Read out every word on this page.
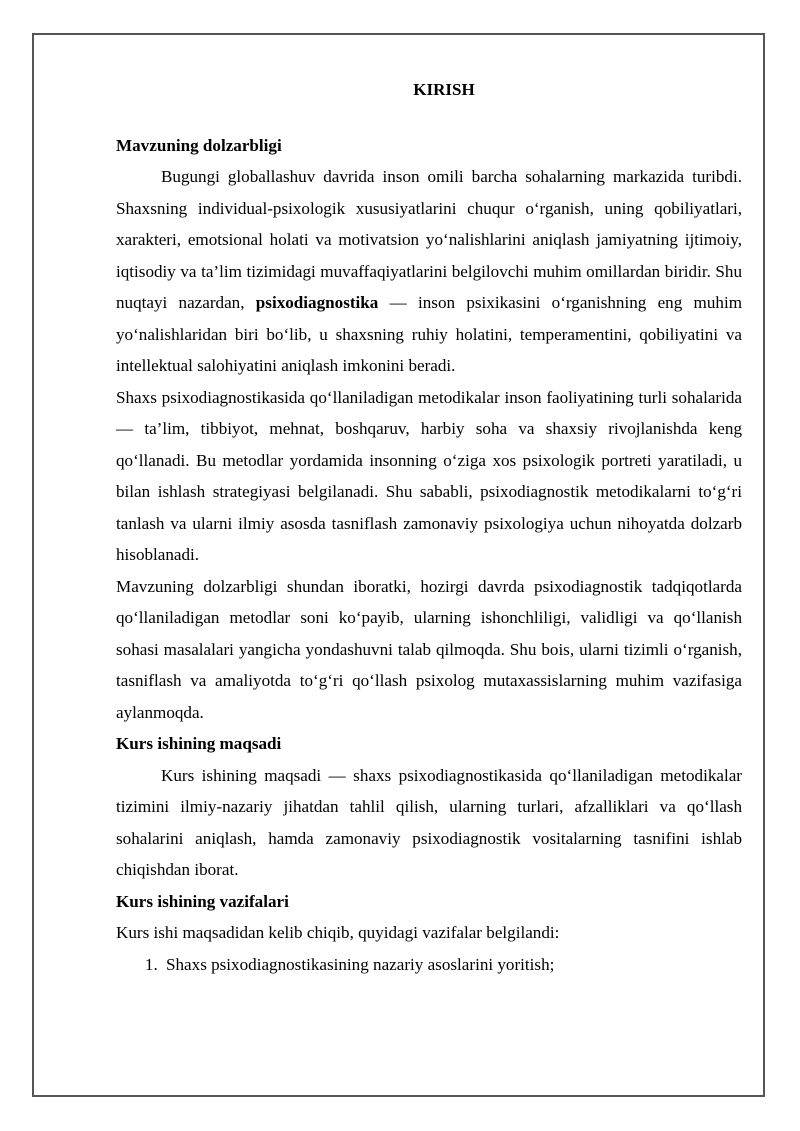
KIRISH
Mavzuning dolzarbligi

Bugungi globallashuv davrida inson omili barcha sohalarning markazida turibdi. Shaxsning individual-psixologik xususiyatlarini chuqur o‘rganish, uning qobiliyatlari, xarakteri, emotsional holati va motivatsion yo‘nalishlarini aniqlash jamiyatning ijtimoiy, iqtisodiy va ta’lim tizimidagi muvaffaqiyatlarini belgilovchi muhim omillardan biridir. Shu nuqtayi nazardan, psixodiagnostika — inson psixikasini o‘rganishning eng muhim yo‘nalishlaridan biri bo‘lib, u shaxsning ruhiy holatini, temperamentini, qobiliyatini va intellektual salohiyatini aniqlash imkonini beradi.

Shaxs psixodiagnostikasida qo‘llaniladigan metodikalar inson faoliyatining turli sohalarida — ta’lim, tibbiyot, mehnat, boshqaruv, harbiy soha va shaxsiy rivojlanishda keng qo‘llanadi. Bu metodlar yordamida insonning o‘ziga xos psixologik portreti yaratiladi, u bilan ishlash strategiyasi belgilanadi. Shu sababli, psixodiagnostik metodikalarni to‘g‘ri tanlash va ularni ilmiy asosda tasniflash zamonaviy psixologiya uchun nihoyatda dolzarb hisoblanadi.

Mavzuning dolzarbligi shundan iboratki, hozirgi davrda psixodiagnostik tadqiqotlarda qo‘llaniladigan metodlar soni ko‘payib, ularning ishonchliligi, validligi va qo‘llanish sohasi masalalari yangicha yondashuvni talab qilmoqda. Shu bois, ularni tizimli o‘rganish, tasniflash va amaliyotda to‘g‘ri qo‘llash psixolog mutaxassislarning muhim vazifasiga aylanmoqda.

Kurs ishining maqsadi

Kurs ishining maqsadi — shaxs psixodiagnostikasida qo‘llaniladigan metodikalar tizimini ilmiy-nazariy jihatdan tahlil qilish, ularning turlari, afzalliklari va qo‘llash sohalarini aniqlash, hamda zamonaviy psixodiagnostik vositalarning tasnifini ishlab chiqishdan iborat.

Kurs ishining vazifalari

Kurs ishi maqsadidan kelib chiqib, quyidagi vazifalar belgilandi:

1. Shaxs psixodiagnostikasining nazariy asoslarini yoritish;
